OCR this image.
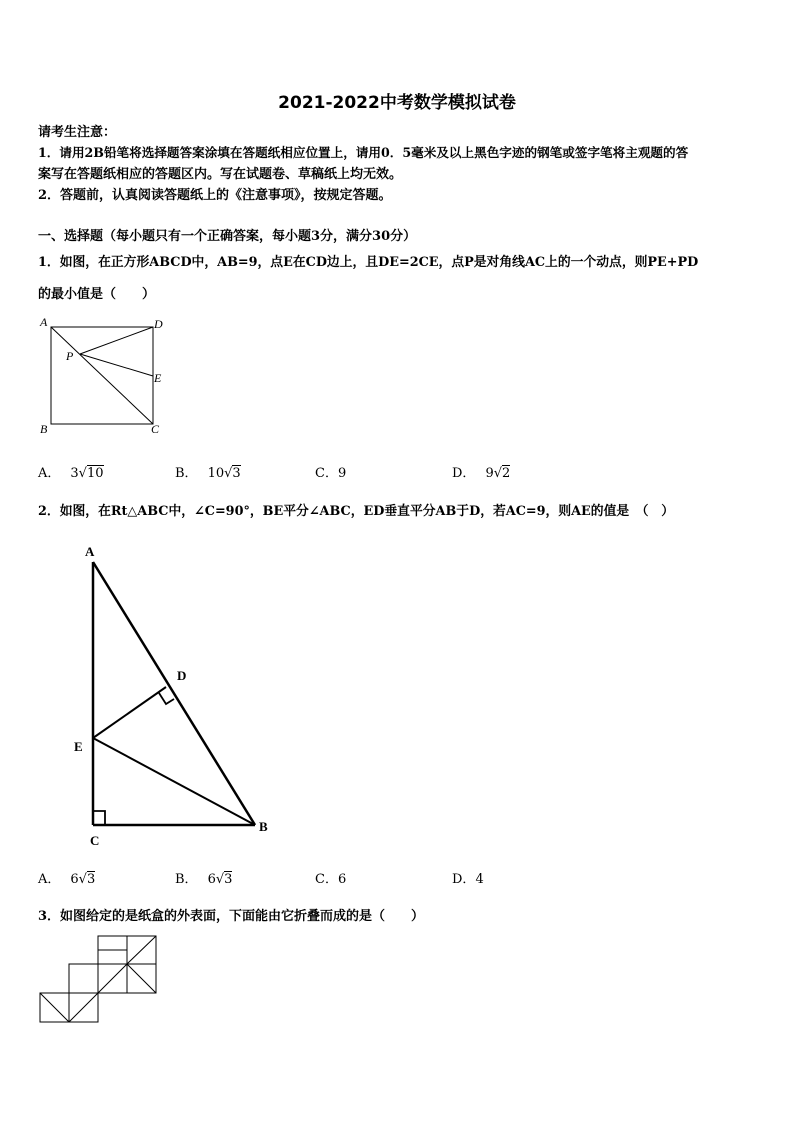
2021-2022中考数学模拟试卷
请考生注意：
1．请用2B铅笔将选择题答案涂填在答题纸相应位置上，请用0．5毫米及以上黑色字迹的钢笔或签字笔将主观题的答
案写在答题纸相应的答题区内。写在试题卷、草稿纸上均无效。
2．答题前，认真阅读答题纸上的《注意事项》，按规定答题。
一、选择题（每小题只有一个正确答案，每小题3分，满分30分）
1．如图，在正方形ABCD中，AB=9，点E在CD边上，且DE=2CE，点P是对角线AC上的一个动点，则PE+PD
的最小值是（　　）
A	D
P
E
B	C
A． 3√10	B． 10√3	C．9	D． 9√2
2．如图，在Rt△ABC中，∠C=90°，BE平分∠ABC，ED垂直平分AB于D，若AC=9，则AE的值是　（　）
A
D
E
C
B
A． 6√3	B． 6√3	C．6	D．4
3．如图给定的是纸盒的外表面，下面能由它折叠而成的是（　　）
